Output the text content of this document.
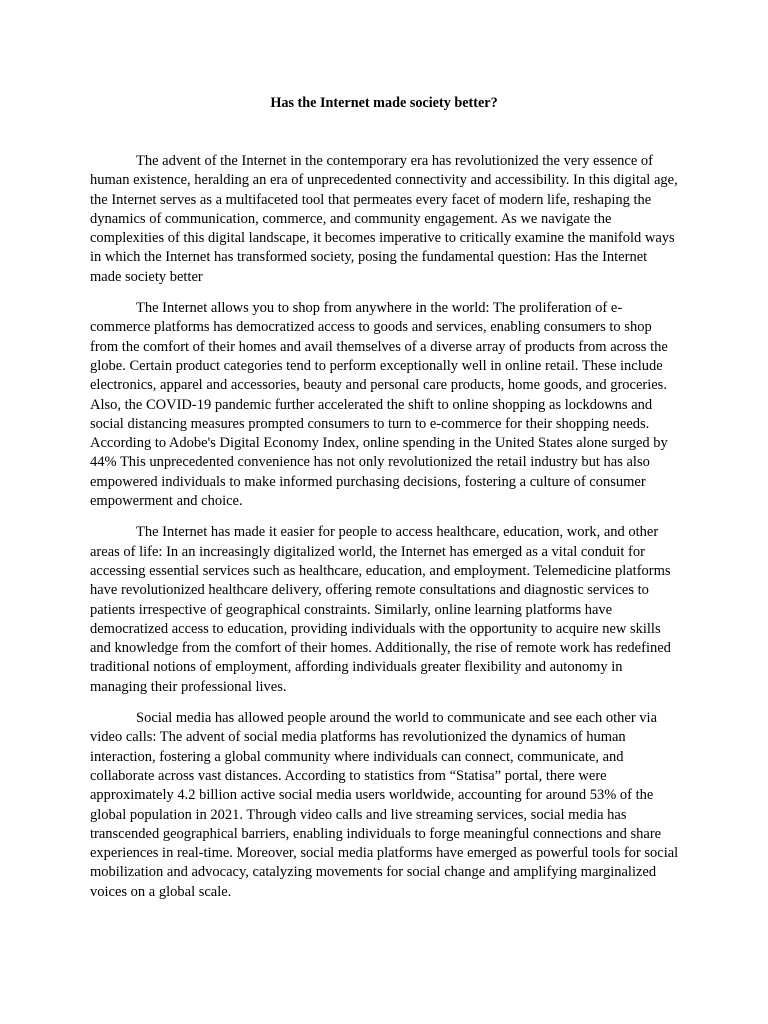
Has the Internet made society better?

The advent of the Internet in the contemporary era has revolutionized the very essence of human existence, heralding an era of unprecedented connectivity and accessibility. In this digital age, the Internet serves as a multifaceted tool that permeates every facet of modern life, reshaping the dynamics of communication, commerce, and community engagement. As we navigate the complexities of this digital landscape, it becomes imperative to critically examine the manifold ways in which the Internet has transformed society, posing the fundamental question: Has the Internet made society better

The Internet allows you to shop from anywhere in the world: The proliferation of e-commerce platforms has democratized access to goods and services, enabling consumers to shop from the comfort of their homes and avail themselves of a diverse array of products from across the globe. Certain product categories tend to perform exceptionally well in online retail. These include electronics, apparel and accessories, beauty and personal care products, home goods, and groceries. Also, the COVID-19 pandemic further accelerated the shift to online shopping as lockdowns and social distancing measures prompted consumers to turn to e-commerce for their shopping needs. According to Adobe's Digital Economy Index, online spending in the United States alone surged by 44% This unprecedented convenience has not only revolutionized the retail industry but has also empowered individuals to make informed purchasing decisions, fostering a culture of consumer empowerment and choice.

The Internet has made it easier for people to access healthcare, education, work, and other areas of life: In an increasingly digitalized world, the Internet has emerged as a vital conduit for accessing essential services such as healthcare, education, and employment. Telemedicine platforms have revolutionized healthcare delivery, offering remote consultations and diagnostic services to patients irrespective of geographical constraints. Similarly, online learning platforms have democratized access to education, providing individuals with the opportunity to acquire new skills and knowledge from the comfort of their homes. Additionally, the rise of remote work has redefined traditional notions of employment, affording individuals greater flexibility and autonomy in managing their professional lives.

Social media has allowed people around the world to communicate and see each other via video calls: The advent of social media platforms has revolutionized the dynamics of human interaction, fostering a global community where individuals can connect, communicate, and collaborate across vast distances. According to statistics from “Statisa” portal, there were approximately 4.2 billion active social media users worldwide, accounting for around 53% of the global population in 2021. Through video calls and live streaming services, social media has transcended geographical barriers, enabling individuals to forge meaningful connections and share experiences in real-time. Moreover, social media platforms have emerged as powerful tools for social mobilization and advocacy, catalyzing movements for social change and amplifying marginalized voices on a global scale.
